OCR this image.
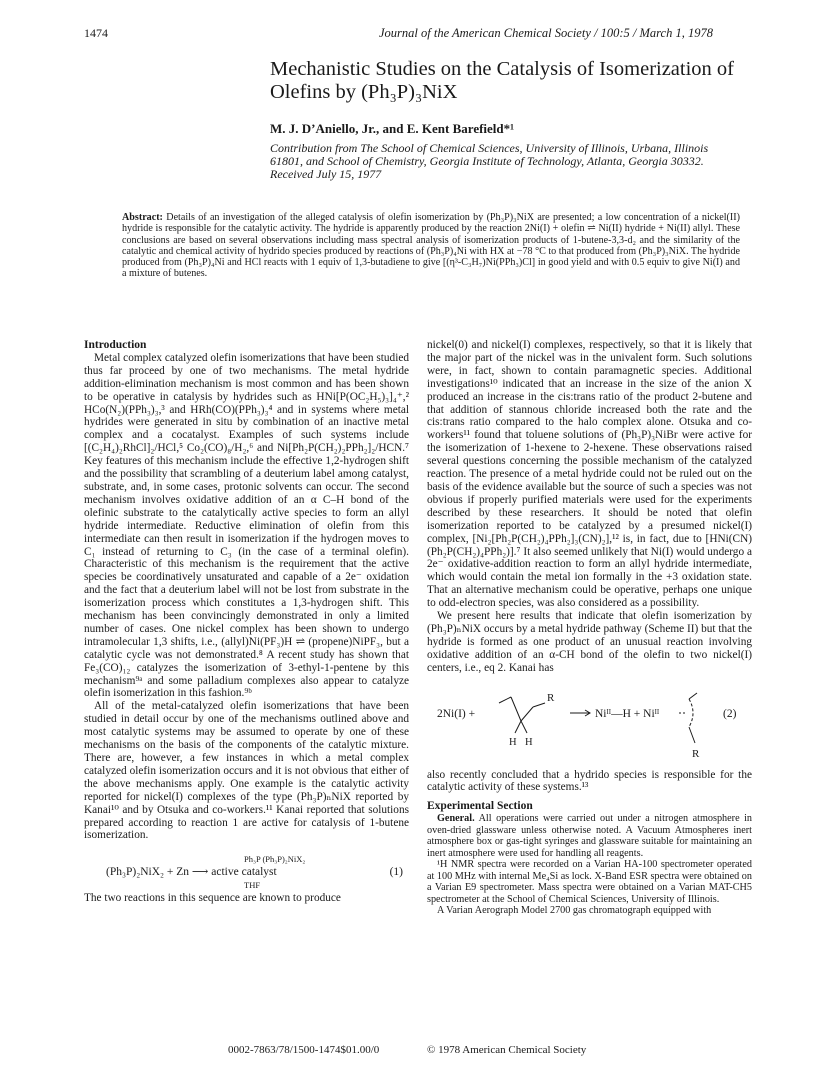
1474	Journal of the American Chemical Society / 100:5 / March 1, 1978
Mechanistic Studies on the Catalysis of Isomerization of Olefins by (Ph₃P)₃NiX
M. J. D’Aniello, Jr., and E. Kent Barefield*¹
Contribution from The School of Chemical Sciences, University of Illinois, Urbana, Illinois 61801, and School of Chemistry, Georgia Institute of Technology, Atlanta, Georgia 30332. Received July 15, 1977
Abstract: Details of an investigation of the alleged catalysis of olefin isomerization by (Ph₃P)₃NiX are presented; a low concentration of a nickel(II) hydride is responsible for the catalytic activity. The hydride is apparently produced by the reaction 2Ni(I) + olefin ⇌ Ni(II) hydride + Ni(II) allyl. These conclusions are based on several observations including mass spectral analysis of isomerization products of 1-butene-3,3-d₂ and the similarity of the catalytic and chemical activity of hydrido species produced by reactions of (Ph₃P)₄Ni with HX at −78 °C to that produced from (Ph₃P)₃NiX. The hydride produced from (Ph₃P)₄Ni and HCl reacts with 1 equiv of 1,3-butadiene to give [(η³-C₃H₇)Ni(PPh₃)Cl] in good yield and with 0.5 equiv to give Ni(I) and a mixture of butenes.

Introduction

Metal complex catalyzed olefin isomerizations that have been studied thus far proceed by one of two mechanisms. The metal hydride addition-elimination mechanism is most common and has been shown to be operative in catalysis by hydrides such as HNi[P(OC₂H₅)₃]₄⁺,² HCo(N₂)(PPh₃)₃,³ and HRh(CO)(PPh₃)₃⁴ and in systems where metal hydrides were generated in situ by combination of an inactive metal complex and a cocatalyst. Examples of such systems include [(C₂H₄)₂RhCl]₂/HCl,⁵ Co₂(CO)₈/H₂,⁶ and Ni[Ph₂P(CH₂)₂PPh₂]₂/HCN.⁷ Key features of this mechanism include the effective 1,2-hydrogen shift and the possibility that scrambling of a deuterium label among catalyst, substrate, and, in some cases, protonic solvents can occur. The second mechanism involves oxidative addition of an α C–H bond of the olefinic substrate to the catalytically active species to form an allyl hydride intermediate. Reductive elimination of olefin from this intermediate can then result in isomerization if the hydrogen moves to C₁ instead of returning to C₃ (in the case of a terminal olefin). Characteristic of this mechanism is the requirement that the active species be coordinatively unsaturated and capable of a 2e⁻ oxidation and the fact that a deuterium label will not be lost from substrate in the isomerization process which constitutes a 1,3-hydrogen shift. This mechanism has been convincingly demonstrated in only a limited number of cases. One nickel complex has been shown to undergo intramolecular 1,3 shifts, i.e., (allyl)Ni(PF₃)H ⇌ (propene)NiPF₃, but a catalytic cycle was not demonstrated.⁸ A recent study has shown that Fe₃(CO)₁₂ catalyzes the isomerization of 3-ethyl-1-pentene by this mechanism⁹ᵃ and some palladium complexes also appear to catalyze olefin isomerization in this fashion.⁹ᵇ

All of the metal-catalyzed olefin isomerizations that have been studied in detail occur by one of the mechanisms outlined above and most catalytic systems may be assumed to operate by one of these mechanisms on the basis of the components of the catalytic mixture. There are, however, a few instances in which a metal complex catalyzed olefin isomerization occurs and it is not obvious that either of the above mechanisms apply. One example is the catalytic activity reported for nickel(I) complexes of the type (Ph₃P)ₙNiX reported by Kanai¹⁰ and by Otsuka and co-workers.¹¹ Kanai reported that solutions prepared according to reaction 1 are active for catalysis of 1-butene isomerization.

Ph₃P (Ph₃P)₂NiX₂
(Ph₃P)₂NiX₂ + Zn ⟶ active catalyst
THF
(1)

The two reactions in this sequence are known to produce

nickel(0) and nickel(I) complexes, respectively, so that it is likely that the major part of the nickel was in the univalent form. Such solutions were, in fact, shown to contain paramagnetic species. Additional investigations¹⁰ indicated that an increase in the size of the anion X produced an increase in the cis:trans ratio of the product 2-butene and that addition of stannous chloride increased both the rate and the cis:trans ratio compared to the halo complex alone. Otsuka and co-workers¹¹ found that toluene solutions of (Ph₃P)₃NiBr were active for the isomerization of 1-hexene to 2-hexene. These observations raised several questions concerning the possible mechanism of the catalyzed reaction. The presence of a metal hydride could not be ruled out on the basis of the evidence available but the source of such a species was not obvious if properly purified materials were used for the experiments described by these researchers. It should be noted that olefin isomerization reported to be catalyzed by a presumed nickel(I) complex, [Ni₂[Ph₂P(CH₂)₄PPh₂]₃(CN)₂],¹² is, in fact, due to [HNi(CN)(Ph₂P(CH₂)₄PPh₂)].⁷ It also seemed unlikely that Ni(I) would undergo a 2e⁻ oxidative-addition reaction to form an allyl hydride intermediate, which would contain the metal ion formally in the +3 oxidation state. That an alternative mechanism could be operative, perhaps one unique to odd-electron species, was also considered as a possibility.

We present here results that indicate that olefin isomerization by (Ph₃P)ₙNiX occurs by a metal hydride pathway (Scheme II) but that the hydride is formed as one product of an unusual reaction involving oxidative addition of an α-CH bond of the olefin to two nickel(I) centers, i.e., eq 2. Kanai has

2Ni(I) +
R
H H
Niᴵᴵ—H + Niᴵᴵ
R
(2)

also recently concluded that a hydrido species is responsible for the catalytic activity of these systems.¹³

Experimental Section

General. All operations were carried out under a nitrogen atmosphere in oven-dried glassware unless otherwise noted. A Vacuum Atmospheres inert atmosphere box or gas-tight syringes and glassware suitable for maintaining an inert atmosphere were used for handling all reagents.

¹H NMR spectra were recorded on a Varian HA-100 spectrometer operated at 100 MHz with internal Me₄Si as lock. X-Band ESR spectra were obtained on a Varian E9 spectrometer. Mass spectra were obtained on a Varian MAT-CH5 spectrometer at the School of Chemical Sciences, University of Illinois.

A Varian Aerograph Model 2700 gas chromatograph equipped with

0002-7863/78/1500-1474$01.00/0	© 1978 American Chemical Society
